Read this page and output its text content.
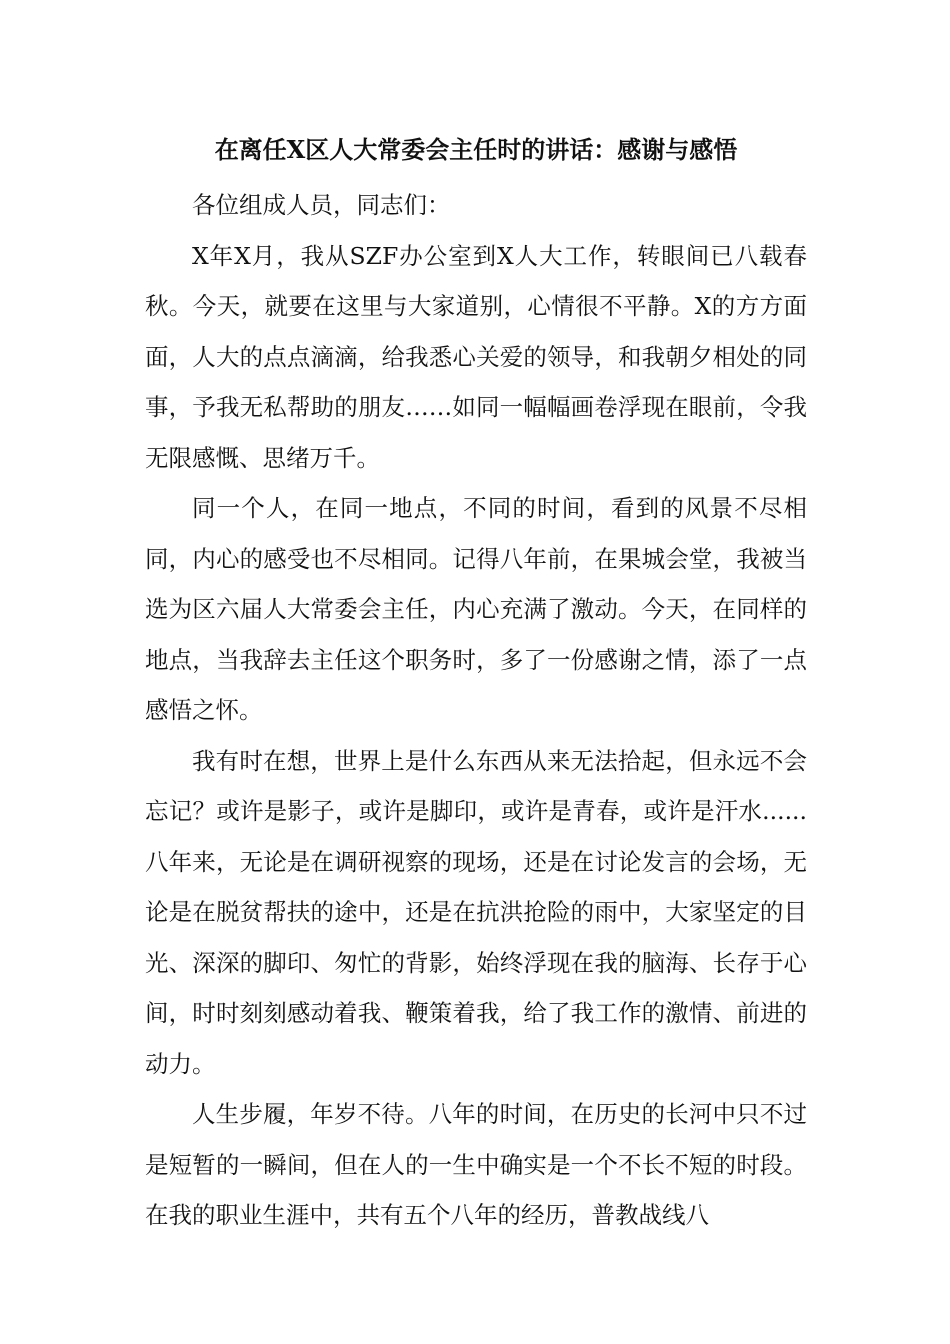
在离任X区人大常委会主任时的讲话：感谢与感悟

各位组成人员，同志们：

X年X月，我从SZF办公室到X人大工作，转眼间已八载春秋。今天，就要在这里与大家道别，心情很不平静。X的方方面面，人大的点点滴滴，给我悉心关爱的领导，和我朝夕相处的同事，予我无私帮助的朋友……如同一幅幅画卷浮现在眼前，令我无限感慨、思绪万千。

同一个人，在同一地点，不同的时间，看到的风景不尽相同，内心的感受也不尽相同。记得八年前，在果城会堂，我被当选为区六届人大常委会主任，内心充满了激动。今天，在同样的地点，当我辞去主任这个职务时，多了一份感谢之情，添了一点感悟之怀。

我有时在想，世界上是什么东西从来无法拾起，但永远不会忘记？或许是影子，或许是脚印，或许是青春，或许是汗水......八年来，无论是在调研视察的现场，还是在讨论发言的会场，无论是在脱贫帮扶的途中，还是在抗洪抢险的雨中，大家坚定的目光、深深的脚印、匆忙的背影，始终浮现在我的脑海、长存于心间，时时刻刻感动着我、鞭策着我，给了我工作的激情、前进的动力。

人生步履，年岁不待。八年的时间，在历史的长河中只不过是短暂的一瞬间，但在人的一生中确实是一个不长不短的时段。在我的职业生涯中，共有五个八年的经历，普教战线八
